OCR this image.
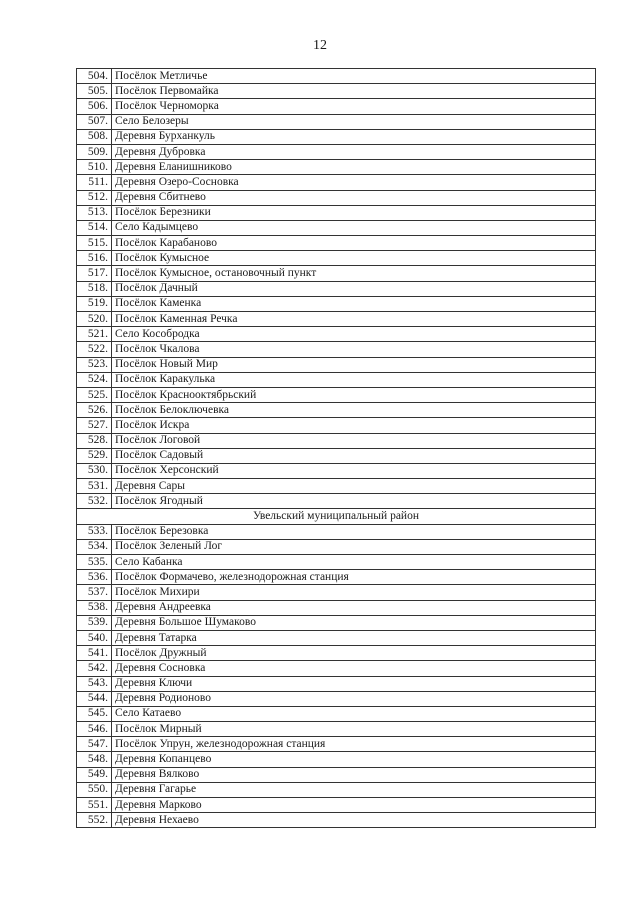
12
504.	Посёлок Метличье
505.	Посёлок Первомайка
506.	Посёлок Черноморка
507.	Село Белозеры
508.	Деревня Бурханкуль
509.	Деревня Дубровка
510.	Деревня Еланишниково
511.	Деревня Озеро-Сосновка
512.	Деревня Сбитнево
513.	Посёлок Березники
514.	Село Кадымцево
515.	Посёлок Карабаново
516.	Посёлок Кумысное
517.	Посёлок Кумысное, остановочный пункт
518.	Посёлок Дачный
519.	Посёлок Каменка
520.	Посёлок Каменная Речка
521.	Село Кособродка
522.	Посёлок Чкалова
523.	Посёлок Новый Мир
524.	Посёлок Каракулька
525.	Посёлок Краснооктябрьский
526.	Посёлок Белоключевка
527.	Посёлок Искра
528.	Посёлок Логовой
529.	Посёлок Садовый
530.	Посёлок Херсонский
531.	Деревня Сары
532.	Посёлок Ягодный
Увельский муниципальный район	
533.	Посёлок Березовка
534.	Посёлок Зеленый Лог
535.	Село Кабанка
536.	Посёлок Формачево, железнодорожная станция
537.	Посёлок Михири
538.	Деревня Андреевка
539.	Деревня Большое Шумаково
540.	Деревня Татарка
541.	Посёлок Дружный
542.	Деревня Сосновка
543.	Деревня Ключи
544.	Деревня Родионово
545.	Село Катаево
546.	Посёлок Мирный
547.	Посёлок Упрун, железнодорожная станция
548.	Деревня Копанцево
549.	Деревня Вялково
550.	Деревня Гагарье
551.	Деревня Марково
552.	Деревня Нехаево
